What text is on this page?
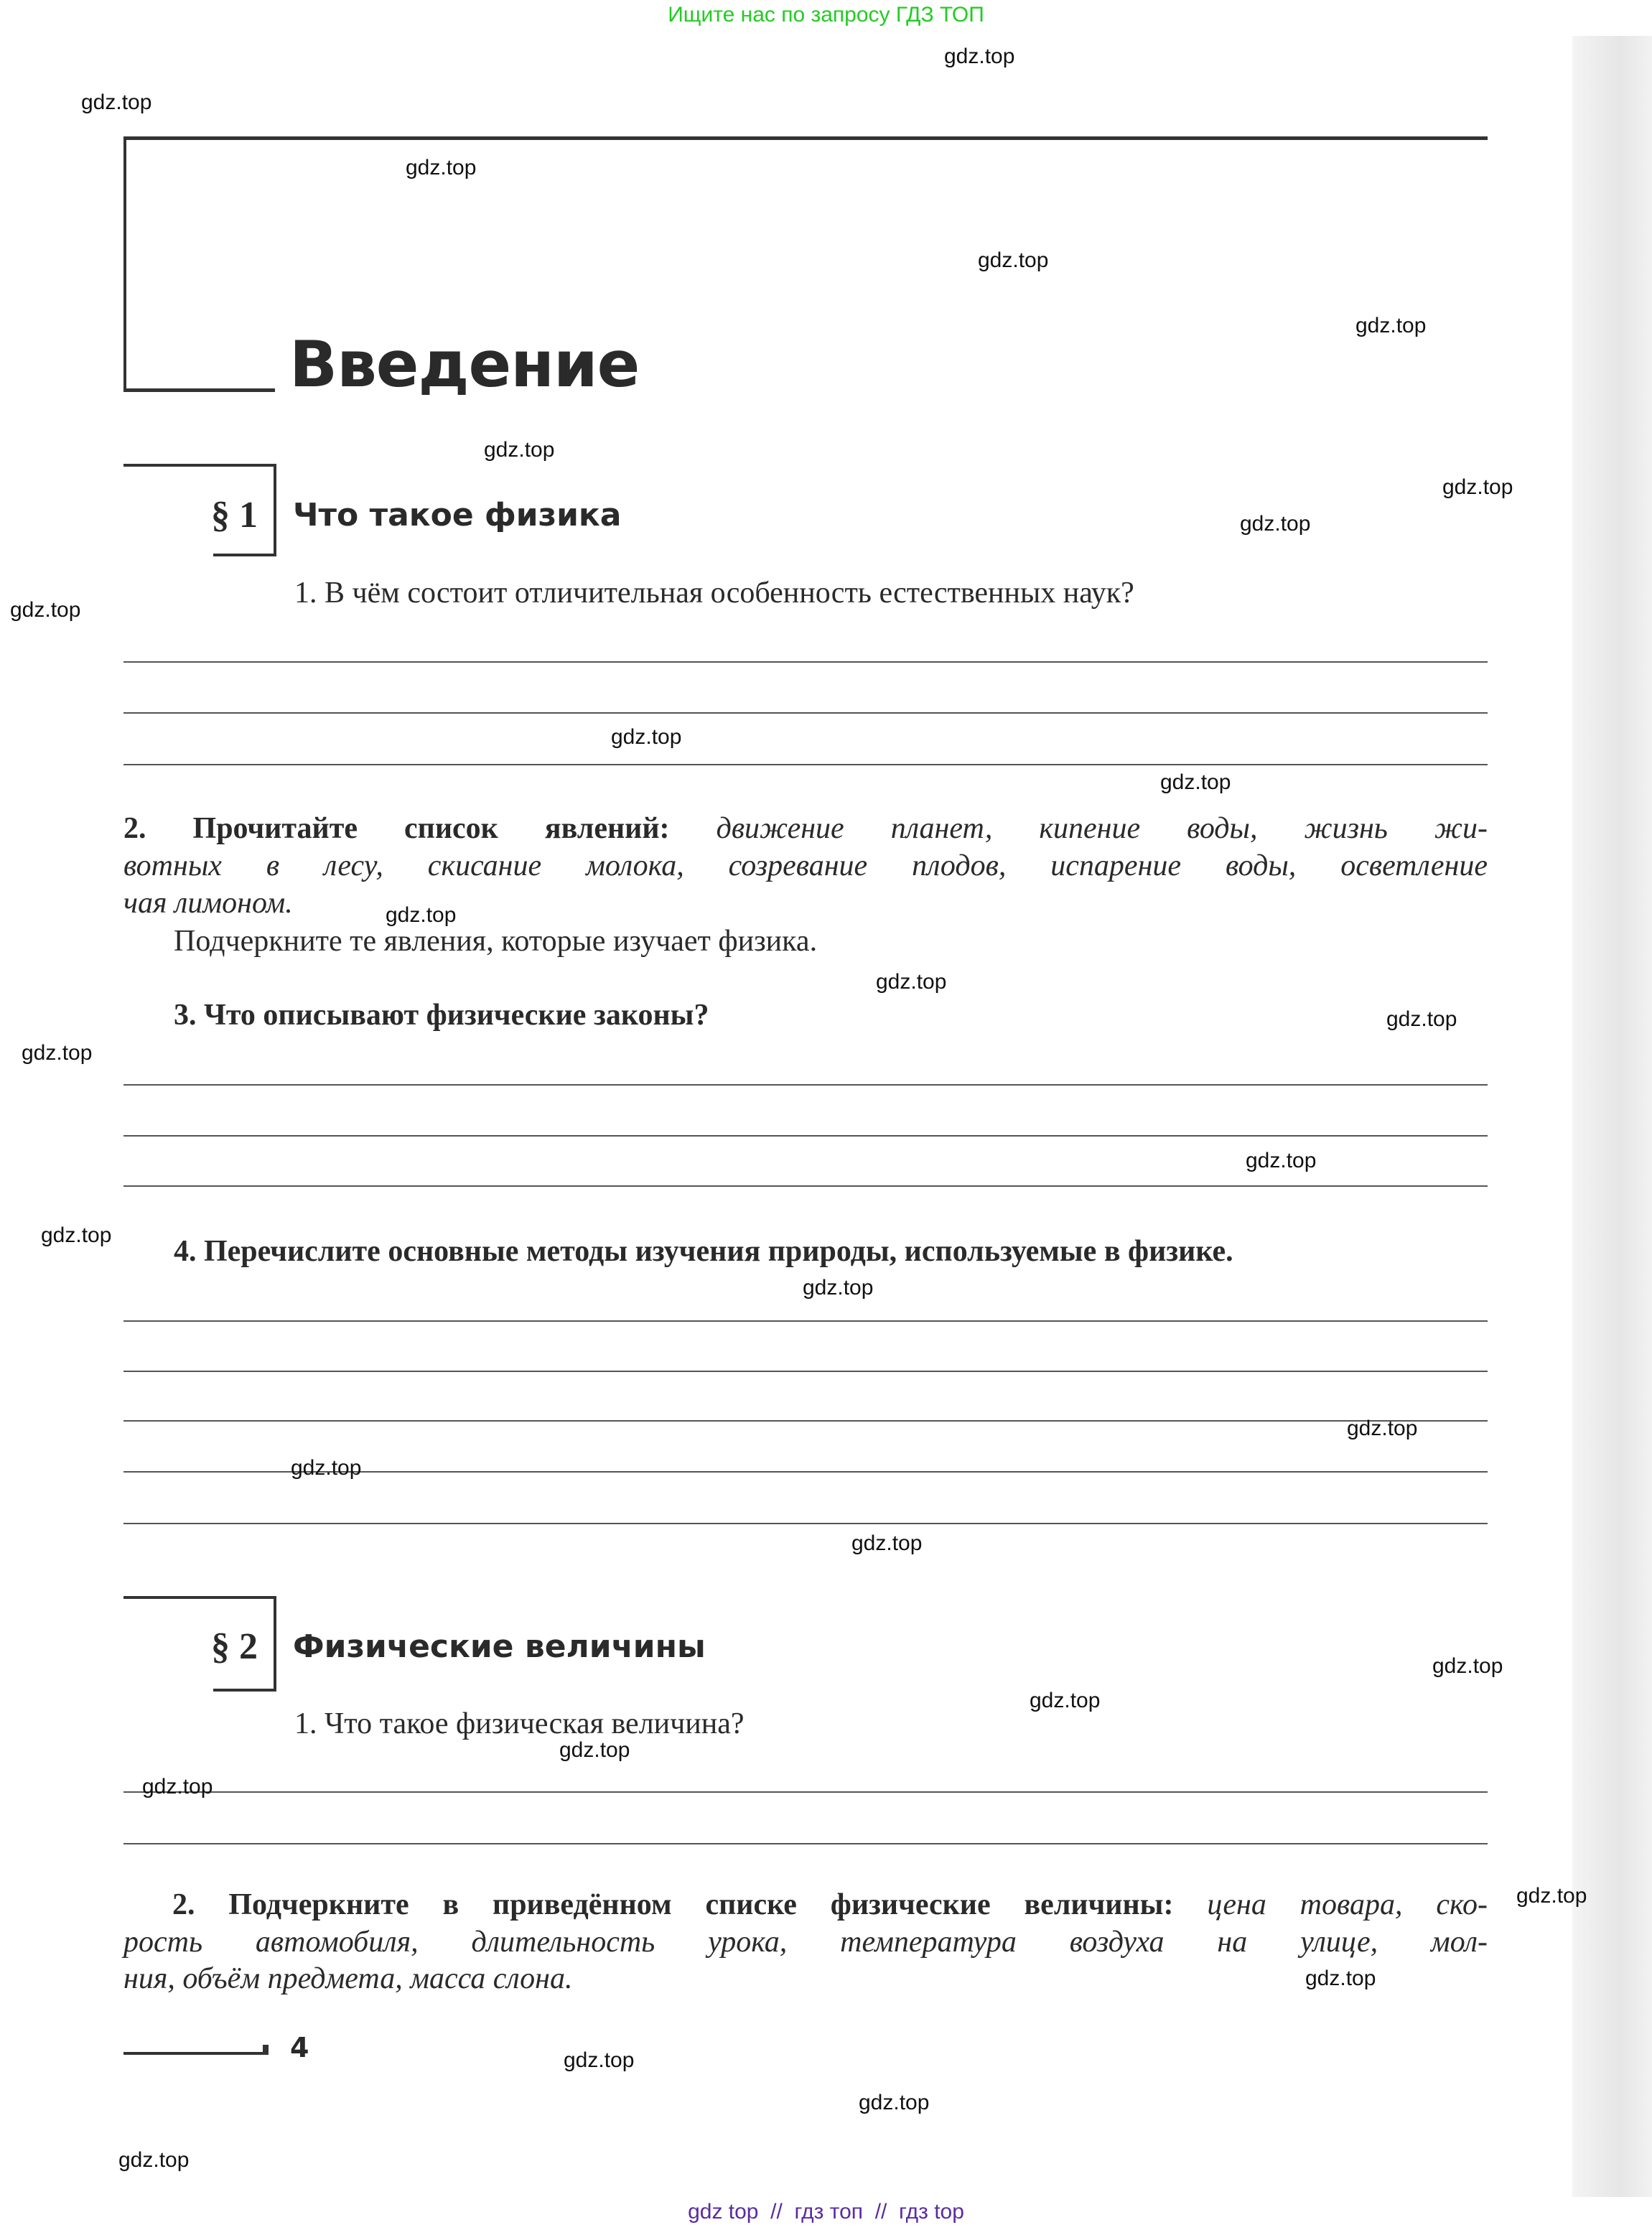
Ищите нас по запросу ГДЗ ТОП
Введение
§ 1 Что такое физика
1. В чём состоит отличительная особенность естественных наук?
2. Прочитайте список явлений: движение планет, кипение воды, жизнь жи-
вотных в лесу, скисание молока, созревание плодов, испарение воды, осветление
чая лимоном.
Подчеркните те явления, которые изучает физика.
3. Что описывают физические законы?
4. Перечислите основные методы изучения природы, используемые в физике.
§ 2 Физические величины
1. Что такое физическая величина?
2. Подчеркните в приведённом списке физические величины: цена товара, ско-
рость автомобиля, длительность урока, температура воздуха на улице, мол-
ния, объём предмета, масса слона.
4
gdz top  //  гдз топ  //  гдз top
gdz.top
gdz.top
gdz.top
gdz.top
gdz.top
gdz.top
gdz.top
gdz.top
gdz.top
gdz.top
gdz.top
gdz.top
gdz.top
gdz.top
gdz.top
gdz.top
gdz.top
gdz.top
gdz.top
gdz.top
gdz.top
gdz.top
gdz.top
gdz.top
gdz.top
gdz.top
gdz.top
gdz.top
gdz.top
gdz.top
